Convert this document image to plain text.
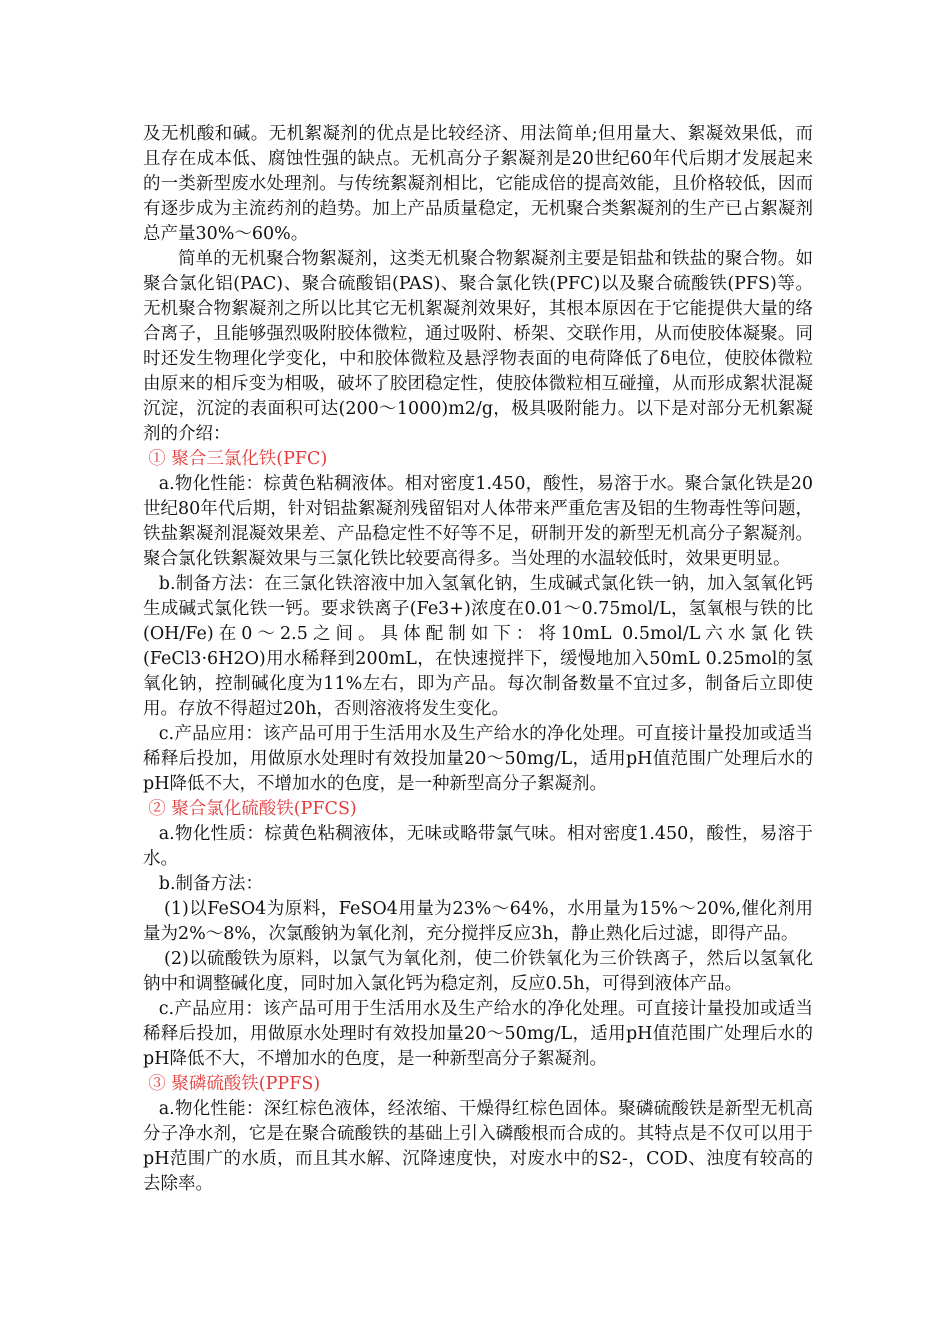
及无机酸和碱。无机絮凝剂的优点是比较经济、用法简单;但用量大、絮凝效果低，而且存在成本低、腐蚀性强的缺点。无机高分子絮凝剂是20世纪60年代后期才发展起来的一类新型废水处理剂。与传统絮凝剂相比，它能成倍的提高效能，且价格较低，因而有逐步成为主流药剂的趋势。加上产品质量稳定，无机聚合类絮凝剂的生产已占絮凝剂总产量30%～60%。

简单的无机聚合物絮凝剂，这类无机聚合物絮凝剂主要是铝盐和铁盐的聚合物。如聚合氯化铝(PAC)、聚合硫酸铝(PAS)、聚合氯化铁(PFC)以及聚合硫酸铁(PFS)等。无机聚合物絮凝剂之所以比其它无机絮凝剂效果好，其根本原因在于它能提供大量的络合离子，且能够强烈吸附胶体微粒，通过吸附、桥架、交联作用，从而使胶体凝聚。同时还发生物理化学变化，中和胶体微粒及悬浮物表面的电荷降低了δ电位，使胶体微粒由原来的相斥变为相吸，破坏了胶团稳定性，使胶体微粒相互碰撞，从而形成絮状混凝沉淀，沉淀的表面积可达(200～1000)m2/g，极具吸附能力。以下是对部分无机絮凝剂的介绍：

① 聚合三氯化铁(PFC)

a.物化性能：棕黄色粘稠液体。相对密度1.450，酸性，易溶于水。聚合氯化铁是20世纪80年代后期，针对铝盐絮凝剂残留铝对人体带来严重危害及铝的生物毒性等问题，铁盐絮凝剂混凝效果差、产品稳定性不好等不足，研制开发的新型无机高分子絮凝剂。聚合氯化铁絮凝效果与三氯化铁比较要高得多。当处理的水温较低时，效果更明显。

b.制备方法：在三氯化铁溶液中加入氢氧化钠，生成碱式氯化铁一钠，加入氢氧化钙生成碱式氯化铁一钙。要求铁离子(Fe3+)浓度在0.01～0.75mol/L，氢氧根与铁的比(OH/Fe)在0～2.5之间。具体配制如下：将10mL 0.5mol/L六水氯化铁(FeCl3·6H2O)用水稀释到200mL，在快速搅拌下，缓慢地加入50mL 0.25mol的氢氧化钠，控制碱化度为11%左右，即为产品。每次制备数量不宜过多，制备后立即使用。存放不得超过20h，否则溶液将发生变化。

c.产品应用：该产品可用于生活用水及生产给水的净化处理。可直接计量投加或适当稀释后投加，用做原水处理时有效投加量20～50mg/L，适用pH值范围广处理后水的pH降低不大，不增加水的色度，是一种新型高分子絮凝剂。

② 聚合氯化硫酸铁(PFCS)

a.物化性质：棕黄色粘稠液体，无味或略带氯气味。相对密度1.450，酸性，易溶于水。

b.制备方法：

(1)以FeSO4为原料，FeSO4用量为23%～64%，水用量为15%～20%,催化剂用量为2%～8%，次氯酸钠为氧化剂，充分搅拌反应3h，静止熟化后过滤，即得产品。

(2)以硫酸铁为原料，以氯气为氧化剂，使二价铁氧化为三价铁离子，然后以氢氧化钠中和调整碱化度，同时加入氯化钙为稳定剂，反应0.5h，可得到液体产品。

c.产品应用：该产品可用于生活用水及生产给水的净化处理。可直接计量投加或适当稀释后投加，用做原水处理时有效投加量20～50mg/L，适用pH值范围广处理后水的pH降低不大，不增加水的色度，是一种新型高分子絮凝剂。

③ 聚磷硫酸铁(PPFS)

a.物化性能：深红棕色液体，经浓缩、干燥得红棕色固体。聚磷硫酸铁是新型无机高分子净水剂，它是在聚合硫酸铁的基础上引入磷酸根而合成的。其特点是不仅可以用于pH范围广的水质，而且其水解、沉降速度快，对废水中的S2-，COD、浊度有较高的去除率。
